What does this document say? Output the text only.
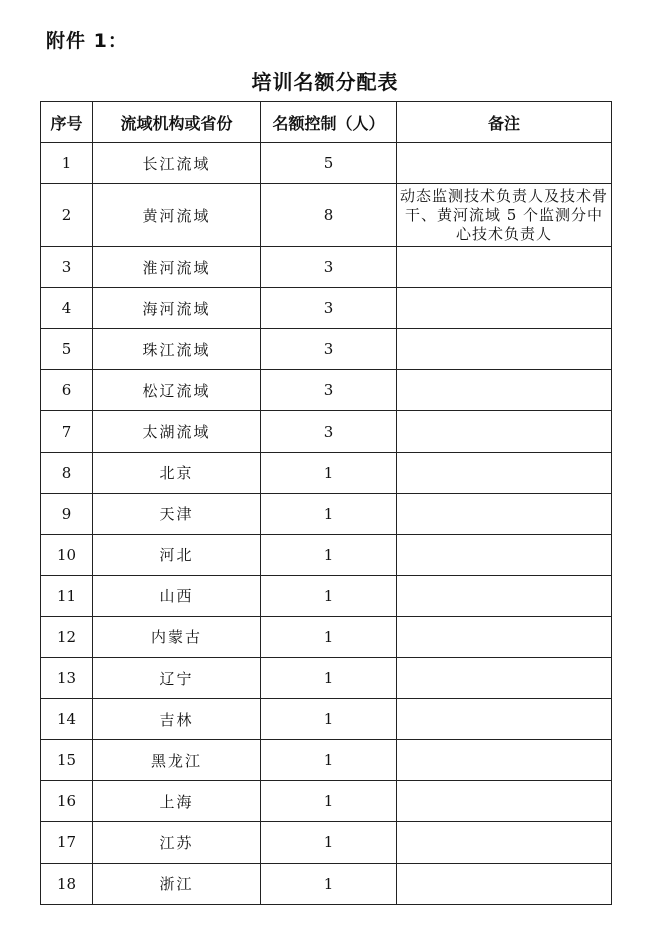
附件 1：
培训名额分配表
序号	流域机构或省份	名额控制（人）	备注
1	长江流域	5	
2	黄河流域	8	动态监测技术负责人及技术骨干、黄河流域 5 个监测分中心技术负责人
3	淮河流域	3	
4	海河流域	3	
5	珠江流域	3	
6	松辽流域	3	
7	太湖流域	3	
8	北京	1	
9	天津	1	
10	河北	1	
11	山西	1	
12	内蒙古	1	
13	辽宁	1	
14	吉林	1	
15	黑龙江	1	
16	上海	1	
17	江苏	1	
18	浙江	1	
